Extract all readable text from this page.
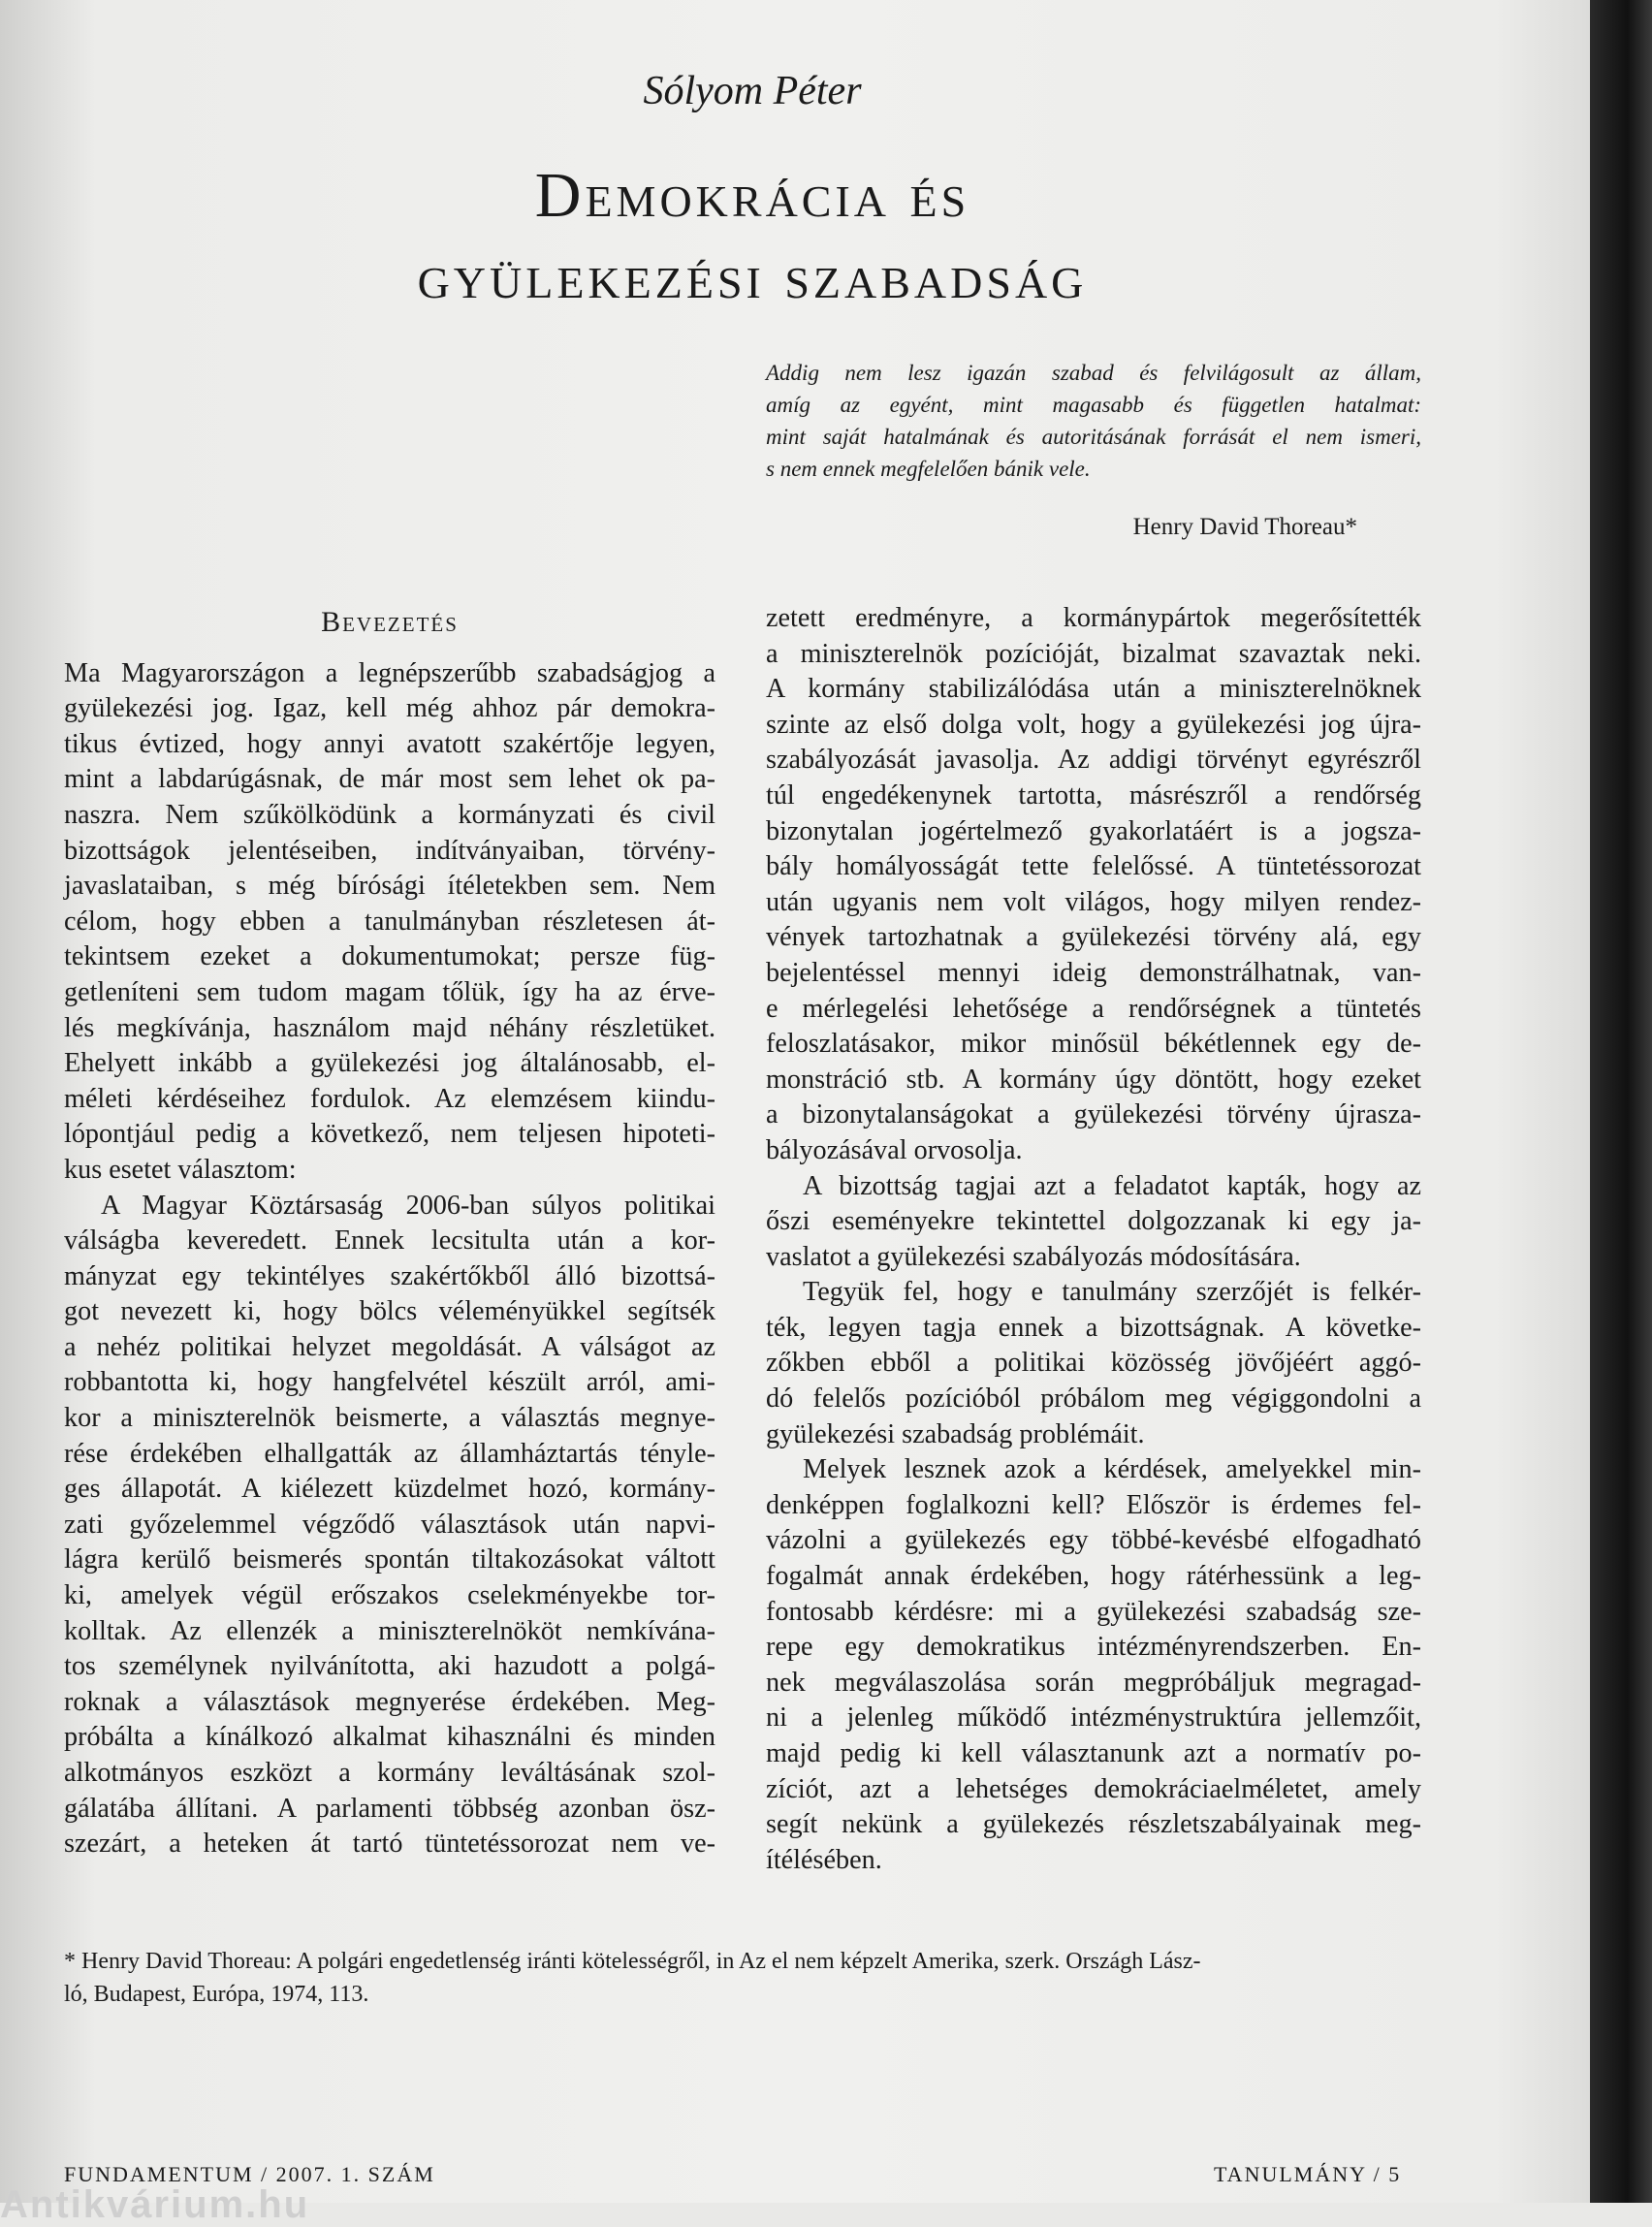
Sólyom Péter
Demokrácia és
gyülekezési szabadság
Addig nem lesz igazán szabad és felvilágosult az állam,
amíg az egyént, mint magasabb és független hatalmat:
mint saját hatalmának és autoritásának forrását el nem ismeri,
s nem ennek megfelelően bánik vele.
Henry David Thoreau*
Bevezetés
Ma Magyarországon a legnépszerűbb szabadságjog a
gyülekezési jog. Igaz, kell még ahhoz pár demokra-
tikus évtized, hogy annyi avatott szakértője legyen,
mint a labdarúgásnak, de már most sem lehet ok pa-
naszra. Nem szűkölködünk a kormányzati és civil
bizottságok jelentéseiben, indítványaiban, törvény-
javaslataiban, s még bírósági ítéletekben sem. Nem
célom, hogy ebben a tanulmányban részletesen át-
tekintsem ezeket a dokumentumokat; persze füg-
getleníteni sem tudom magam tőlük, így ha az érve-
lés megkívánja, használom majd néhány részletüket.
Ehelyett inkább a gyülekezési jog általánosabb, el-
méleti kérdéseihez fordulok. Az elemzésem kiindu-
lópontjául pedig a következő, nem teljesen hipoteti-
kus esetet választom:
A Magyar Köztársaság 2006-ban súlyos politikai
válságba keveredett. Ennek lecsitulta után a kor-
mányzat egy tekintélyes szakértőkből álló bizottsá-
got nevezett ki, hogy bölcs véleményükkel segítsék
a nehéz politikai helyzet megoldását. A válságot az
robbantotta ki, hogy hangfelvétel készült arról, ami-
kor a miniszterelnök beismerte, a választás megnye-
rése érdekében elhallgatták az államháztartás tényle-
ges állapotát. A kiélezett küzdelmet hozó, kormány-
zati győzelemmel végződő választások után napvi-
lágra kerülő beismerés spontán tiltakozásokat váltott
ki, amelyek végül erőszakos cselekményekbe tor-
kolltak. Az ellenzék a miniszterelnököt nemkívána-
tos személynek nyilvánította, aki hazudott a polgá-
roknak a választások megnyerése érdekében. Meg-
próbálta a kínálkozó alkalmat kihasználni és minden
alkotmányos eszközt a kormány leváltásának szol-
gálatába állítani. A parlamenti többség azonban ösz-
szezárt, a heteken át tartó tüntetéssorozat nem ve-
zetett eredményre, a kormánypártok megerősítették
a miniszterelnök pozícióját, bizalmat szavaztak neki.
A kormány stabilizálódása után a miniszterelnöknek
szinte az első dolga volt, hogy a gyülekezési jog újra-
szabályozását javasolja. Az addigi törvényt egyrészről
túl engedékenynek tartotta, másrészről a rendőrség
bizonytalan jogértelmező gyakorlatáért is a jogsza-
bály homályosságát tette felelőssé. A tüntetéssorozat
után ugyanis nem volt világos, hogy milyen rendez-
vények tartozhatnak a gyülekezési törvény alá, egy
bejelentéssel mennyi ideig demonstrálhatnak, van-
e mérlegelési lehetősége a rendőrségnek a tüntetés
feloszlatásakor, mikor minősül békétlennek egy de-
monstráció stb. A kormány úgy döntött, hogy ezeket
a bizonytalanságokat a gyülekezési törvény újrasza-
bályozásával orvosolja.
A bizottság tagjai azt a feladatot kapták, hogy az
őszi eseményekre tekintettel dolgozzanak ki egy ja-
vaslatot a gyülekezési szabályozás módosítására.
Tegyük fel, hogy e tanulmány szerzőjét is felkér-
ték, legyen tagja ennek a bizottságnak. A követke-
zőkben ebből a politikai közösség jövőjéért aggó-
dó felelős pozícióból próbálom meg végiggondolni a
gyülekezési szabadság problémáit.
Melyek lesznek azok a kérdések, amelyekkel min-
denképpen foglalkozni kell? Először is érdemes fel-
vázolni a gyülekezés egy többé-kevésbé elfogadható
fogalmát annak érdekében, hogy rátérhessünk a leg-
fontosabb kérdésre: mi a gyülekezési szabadság sze-
repe egy demokratikus intézményrendszerben. En-
nek megválaszolása során megpróbáljuk megragad-
ni a jelenleg működő intézménystruktúra jellemzőit,
majd pedig ki kell választanunk azt a normatív po-
zíciót, azt a lehetséges demokráciaelméletet, amely
segít nekünk a gyülekezés részletszabályainak meg-
ítélésében.
* Henry David Thoreau: A polgári engedetlenség iránti kötelességről, in Az el nem képzelt Amerika, szerk. Országh Lász-
ló, Budapest, Európa, 1974, 113.
FUNDAMENTUM / 2007. 1. SZÁM	TANULMÁNY / 5
Antikvárium.hu
